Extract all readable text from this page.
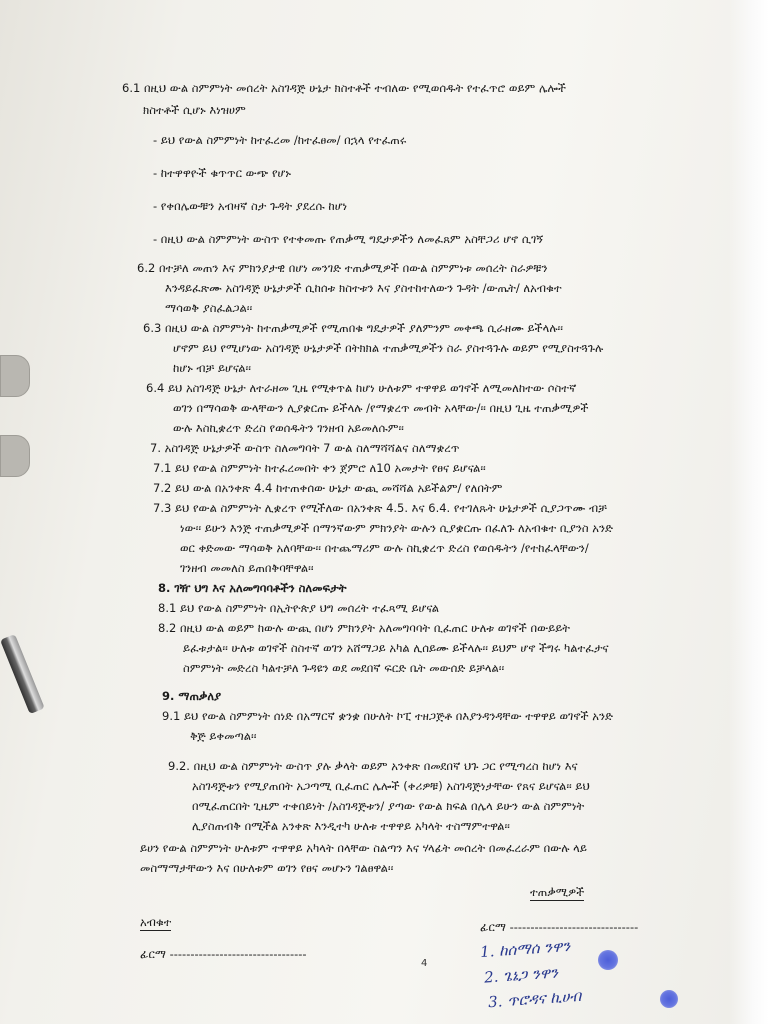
6.1 በዚህ ውል ስምምነት መሰረት አስገዳጅ ሁኔታ ክስተቶች ተብለው የሚወሰዱት የተፈጥሮ ወይም ሌሎች
ክስተቶች ሲሆኑ እነዝሀም
- ይህ የውል ስምምነት ከተፈረመ /ከተፈፀመ/ በኋላ የተፈጠሩ
- ከተዋዋዮች ቁጥጥር ውጭ የሆኑ
- የቀበሌውቹን አብዛኛ ስታ ጉዳት ያደረሱ ከሆነ
- በዚህ ውል ስምምነት ውስጥ የተቀመጡ የጠቃሚ ግዴታዎችን ለመፈጸም አስቸጋሪ ሆኖ ሲገኝ
6.2 በተቻለ መጠን እና ምክንያታዊ በሆነ መንገድ ተጠቃሚዎች በውል ስምምነቱ መሰረት ስራዎቹን
እንዳይፈጽሙ አስገዳጅ ሁኔታዎች ሲከሰቱ ክስተቱን እና ያስተከተለውን ጉዳት /ውጤት/ ለአብቁተ
ማሳወቅ ያስፈልጋል፡፡
6.3 በዚህ ውል ስምምነት ከተጠቃሚዎች የሚጠበቁ ግዴታዎች ያለምንም መቀጫ ሲራዘሙ ይችላሉ፡፡
ሆኖም ይህ የሚሆነው አስገዳጅ ሁኔታዎች በትክክል ተጠቃሚዎችን ስራ ያስተጓጉሉ ወይም የሚያስተጓጉሉ
ከሆኑ ብቻ ይሆናል፡፡
6.4 ይህ አስገዳጅ ሁኔታ ለተራዘመ ጊዜ የሚቀጥል ከሆነ ሁለቱም ተዋዋይ ወገኖች ለሚመለከተው ሶስተኛ
ወገን በማሳወቅ ውላቸውን ሊያቋርጡ ይችላሉ /የማቋረጥ መብት አላቸው/፡፡ በዚህ ጊዜ ተጠቃሚዎች
ውሉ እስኪቋረጥ ድረስ የወሰዱትን ገንዘብ አይመለሱም፡፡
7. አስገዳጅ ሁኔታዎች ውስጥ ስለመግባት 7 ውል ስለማሻሻልና ስለማቋረጥ
7.1 ይህ የውል ስምምነት ከተፈረመበት ቀን ጀምሮ ለ10 አመታት የፀና ይሆናል፡፡
7.2 ይህ ውል በአንቀጽ 4.4 ከተጠቀሰው ሁኔታ ውጪ መሻሻል አይችልም/ የለበትም
7.3 ይህ የውል ስምምነት ሊቋረጥ የሚችለው በአንቀጽ 4.5. እና 6.4. የተገለጹት ሁኔታዎች ሲያጋጥሙ ብቻ
ነው፡፡ ይሁን እንጅ ተጠቃሚዎች በማንኛውም ምክንያት ውሉን ሲያቋርጡ በፈለጉ ለአብቁተ ቢያንስ አንድ
ወር ቀድመው ማሳወቅ አለባቸው፡፡ በተጨማሪም ውሉ ስኪቋረጥ ድረስ የወሰዱትን /የተከፈላቸውን/
ገንዘብ መመለስ ይጠበቅባቸዋል፡፡
8. ገዥ ህግ እና አለመግባባቶችን ስለመፍታት
8.1 ይህ የውል ስምምነት በኢትዮጵያ ህግ መሰረት ተፈጻሚ ይሆናል
8.2 በዚህ ውል ወይም ከውሉ ውጪ በሆነ ምክንያት አለመግባባት ቢፈጠር ሁለቱ ወገኖች በውይይት
ይፈቱታል፡፡ ሁለቱ ወገኖች ስስተኛ ወገን አሸማጋይ አካል ሊሰይሙ ይችላሉ፡፡ ይህም ሆኖ ችግሩ ካልተፈታና
ስምምነት መድረስ ካልተቻለ ጉዳዩን ወደ መደበኛ ፍርድ ቤት መውሰድ ይቻላል፡፡
9. ማጠቃለያ
9.1 ይህ የውል ስምምነት ሰነድ በአማርኛ ቋንቋ በሁለት ኮፒ ተዘጋጅቶ በእያንዳንዳቸው ተዋዋይ ወገኖች አንድ
ቅጅ ይቀመጣል፡፡
9.2. በዚህ ውል ስምምነት ውስጥ ያሉ ቃላት ወይም አንቀጽ በመደበኛ ህጉ ጋር የሚጣረስ ከሆነ እና
አስገዳጅቱን የሚያጠበት አጋጣሚ ቢፈጠር ሌሎች (ቀሪዎቹ) አስገዳጅነታቸው የጸና ይሆናል፡፡ ይህ
በሚፈጠርበት ጊዜም ተቀበይነት /አስገዳጅቱን/ ያጣው የውል ክፍል በሌላ ይሁን ውል ስምምነት
ሊያስጠብቅ በሚችል አንቀጽ እንዲተካ ሁለቱ ተዋዋይ አካላት ተስማምተዋል፡፡
ይሀን የውል ስምምነት ሁለቱም ተዋዋይ አካላት በላቸው ስልጣን እና ሃላፊት መሰረት በመፈረራም በውሉ ላይ
መስማማታቸውን እና በሁለቱም ወገን የፀና መሆኑን ገልፀዋል፡፡
ተጠቃሚዎች
አብቁተ
ፊርማ ---------------------------------
ፊርማ -------------------------------
4
1. ከሰማሰ ንዋን
2. ጌኔጋ ንዋን
3. ጥሮዳና ኪሀብ
